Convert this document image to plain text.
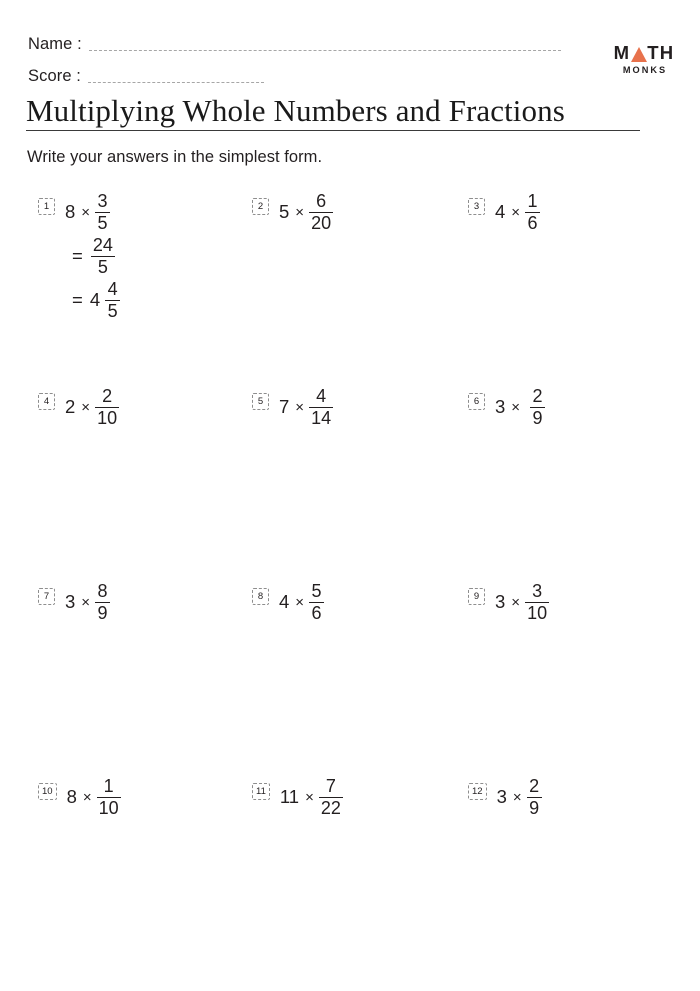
Name :
Score :
M TH
MONKS
Multiplying Whole Numbers and Fractions
Write your answers in the simplest form.
1 $8 \times \frac{3}{5}$
= $\frac{24}{5}$
= $4 \frac{4}{5}$
2 $5 \times \frac{6}{20}$	3 $4 \times \frac{1}{6}$
4 $2 \times \frac{2}{10}$	5 $7 \times \frac{4}{14}$	6 $3 \times \frac{2}{9}$
7 $3 \times \frac{8}{9}$	8 $4 \times \frac{5}{6}$	9 $3 \times \frac{3}{10}$
10 $8 \times \frac{1}{10}$	11 $11 \times \frac{7}{22}$	12 $3 \times \frac{2}{9}$
